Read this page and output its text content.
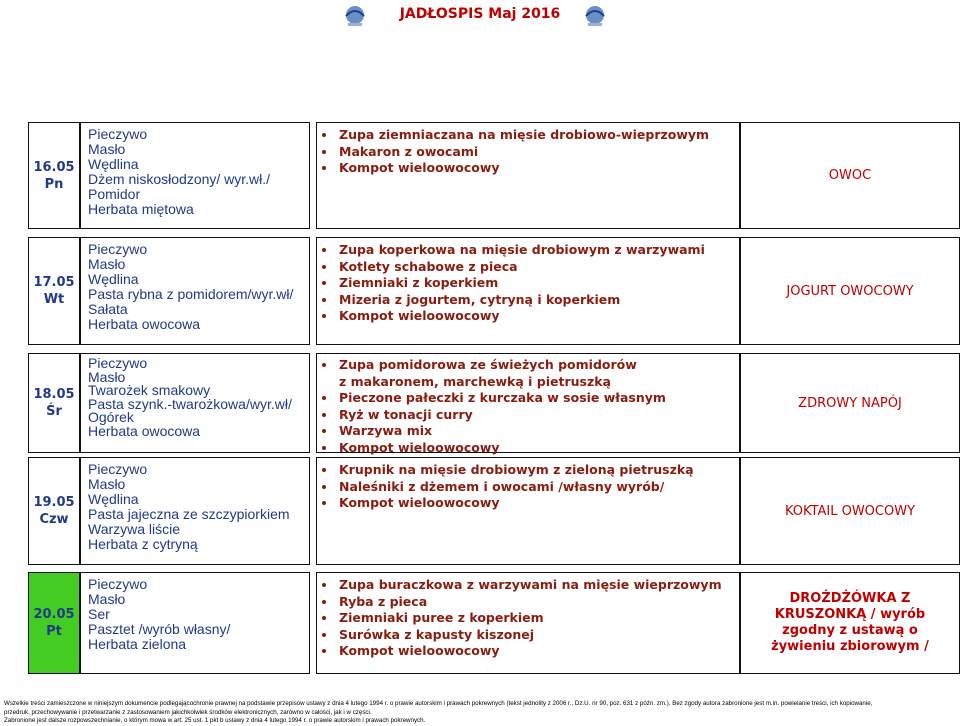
JADŁOSPIS Maj 2016
16.05
Pn
Pieczywo
Masło
Wędlina
Dżem niskosłodzony/ wyr.wł./
Pomidor
Herbata miętowa
• Zupa ziemniaczana na mięsie drobiowo-wieprzowym
• Makaron z owocami
• Kompot wieloowocowy
OWOC
17.05
Wt
Pieczywo
Masło
Wędlina
Pasta rybna z pomidorem/wyr.wł/
Sałata
Herbata owocowa
• Zupa koperkowa na mięsie drobiowym z warzywami
• Kotlety schabowe z pieca
• Ziemniaki z koperkiem
• Mizeria z jogurtem, cytryną i koperkiem
• Kompot wieloowocowy
JOGURT OWOCOWY
18.05
Śr
Pieczywo
Masło
Twarożek smakowy
Pasta szynk.-twarożkowa/wyr.wł/
Ogórek
Herbata owocowa
• Zupa pomidorowa ze świeżych pomidorów z makaronem, marchewką i pietruszką
• Pieczone pałeczki z kurczaka w sosie własnym
• Ryż w tonacji curry
• Warzywa mix
• Kompot wieloowocowy
ZDROWY NAPÓJ
19.05
Czw
Pieczywo
Masło
Wędlina
Pasta jajeczna ze szczypiorkiem
Warzywa liście
Herbata z cytryną
• Krupnik na mięsie drobiowym z zieloną pietruszką
• Naleśniki z dżemem i owocami /własny wyrób/
• Kompot wieloowocowy
KOKTAIL OWOCOWY
20.05
Pt
Pieczywo
Masło
Ser
Pasztet /wyrób własny/
Herbata zielona
• Zupa buraczkowa z warzywami na mięsie wieprzowym
• Ryba z pieca
• Ziemniaki puree z koperkiem
• Surówka z kapusty kiszonej
• Kompot wieloowocowy
DROŻDŻÓWKA Z KRUSZONKĄ / wyrób zgodny z ustawą o żywieniu zbiorowym /
Wszelkie treści zamieszczone w niniejszym dokumencie podlegającochronie prawnej na podstawie przepisów ustawy z dnia 4 lutego 1994 r. o prawie autorskim i prawach pokrewnych (tekst jednolity z 2006 r., Dz.U. nr 90, poz. 631 z późn. zm.). Bez zgody autora zabronione jest m.in. powielanie treści, ich kopiowanie,
przedruk, przechowywanie i przetwarzanie z zastosowaniem jakichkolwiek środków elektronicznych, zarówno w całości, jak i w części.
Zabronione jest dalsze rozpowszechnianie, o którym mowa w art. 25 ust. 1 pkt b ustawy z dnia 4 lutego 1994 r. o prawie autorskim i prawach pokrewnych.
